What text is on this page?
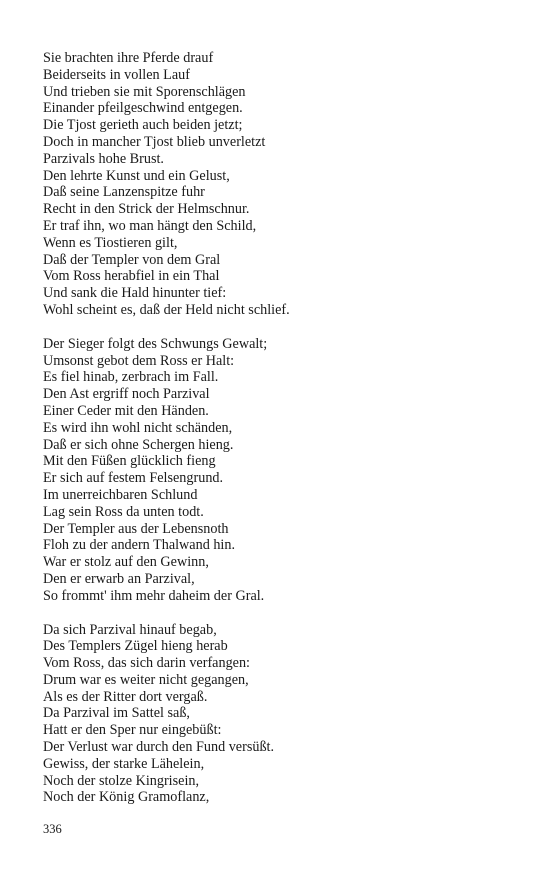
Sie brachten ihre Pferde drauf
Beiderseits in vollen Lauf
Und trieben sie mit Sporenschlägen
Einander pfeilgeschwind entgegen.
Die Tjost gerieth auch beiden jetzt;
Doch in mancher Tjost blieb unverletzt
Parzivals hohe Brust.
Den lehrte Kunst und ein Gelust,
Daß seine Lanzenspitze fuhr
Recht in den Strick der Helmschnur.
Er traf ihn, wo man hängt den Schild,
Wenn es Tiostieren gilt,
Daß der Templer von dem Gral
Vom Ross herabfiel in ein Thal
Und sank die Hald hinunter tief:
Wohl scheint es, daß der Held nicht schlief.
Der Sieger folgt des Schwungs Gewalt;
Umsonst gebot dem Ross er Halt:
Es fiel hinab, zerbrach im Fall.
Den Ast ergriff noch Parzival
Einer Ceder mit den Händen.
Es wird ihn wohl nicht schänden,
Daß er sich ohne Schergen hieng.
Mit den Füßen glücklich fieng
Er sich auf festem Felsengrund.
Im unerreichbaren Schlund
Lag sein Ross da unten todt.
Der Templer aus der Lebensnoth
Floh zu der andern Thalwand hin.
War er stolz auf den Gewinn,
Den er erwarb an Parzival,
So frommt' ihm mehr daheim der Gral.
Da sich Parzival hinauf begab,
Des Templers Zügel hieng herab
Vom Ross, das sich darin verfangen:
Drum war es weiter nicht gegangen,
Als es der Ritter dort vergaß.
Da Parzival im Sattel saß,
Hatt er den Sper nur eingebüßt:
Der Verlust war durch den Fund versüßt.
Gewiss, der starke Lähelein,
Noch der stolze Kingrisein,
Noch der König Gramoflanz,
336
